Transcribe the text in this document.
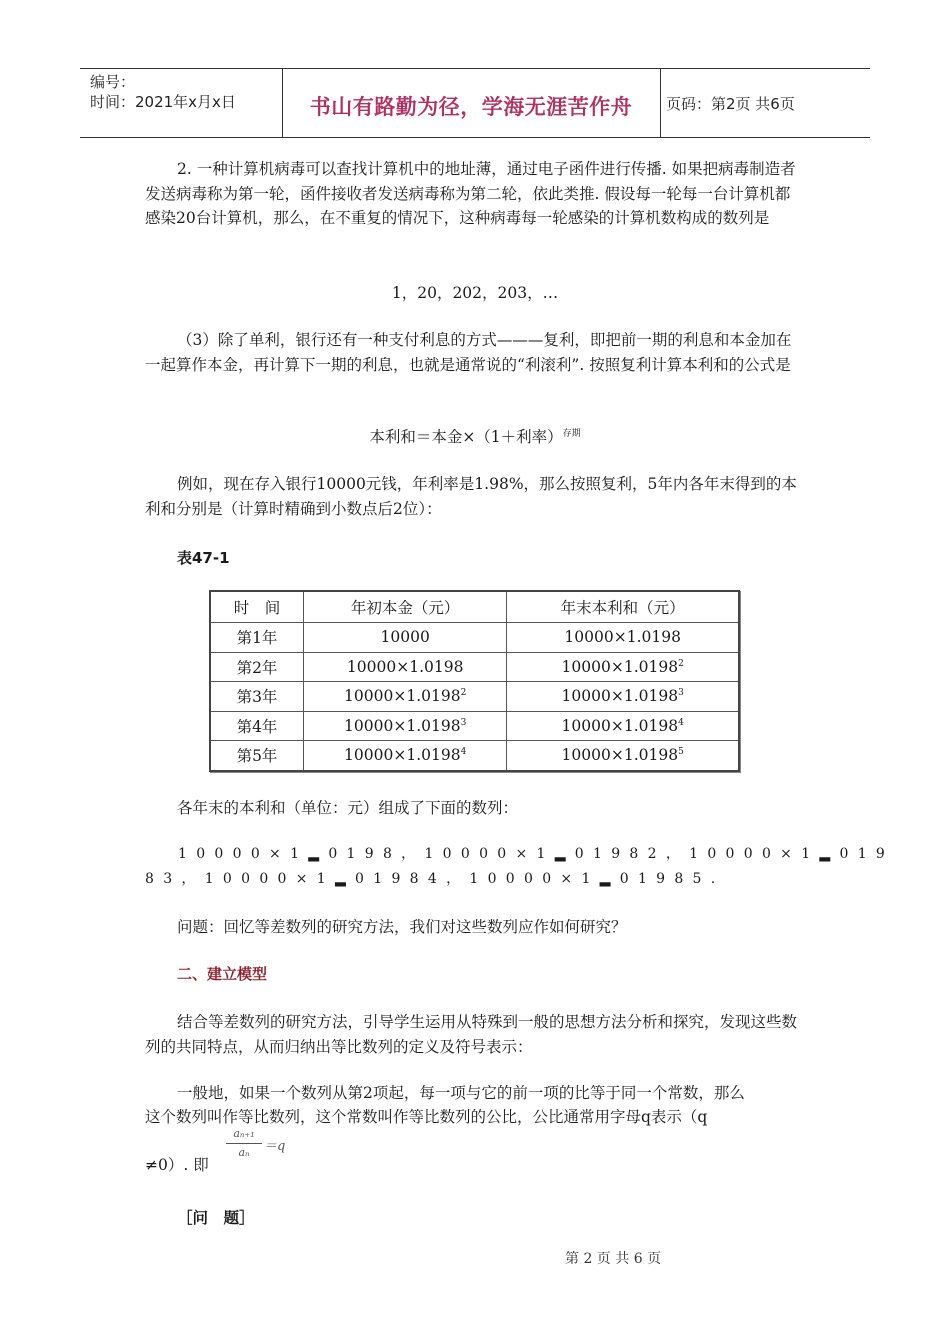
编号：
时间：2021年x月x日	书山有路勤为径，学海无涯苦作舟	页码：第2页 共6页
2. 一种计算机病毒可以查找计算机中的地址薄，通过电子函件进行传播. 如果把病毒制造者发送病毒称为第一轮，函件接收者发送病毒称为第二轮，依此类推. 假设每一轮每一台计算机都感染20台计算机，那么，在不重复的情况下，这种病毒每一轮感染的计算机数构成的数列是
1，20，202，203，…
（3）除了单利，银行还有一种支付利息的方式———复利，即把前一期的利息和本金加在一起算作本金，再计算下一期的利息，也就是通常说的“利滚利”. 按照复利计算本利和的公式是
本利和＝本金×（1＋利率）$^{存期}$
例如，现在存入银行10000元钱，年利率是1.98%，那么按照复利，5年内各年末得到的本利和分别是（计算时精确到小数点后2位）：
表47-1
时　间	年初本金（元）	年末本利和（元）
第1年	10000	10000×1.0198
第2年	10000×1.0198	$10000\times 1.0198^2$
第3年	$10000\times 1.0198^2$	$10000\times 1.0198^3$
第4年	$10000\times 1.0198^3$	$10000\times 1.0198^4$
第5年	$10000\times 1.0198^4$	$10000\times 1.0198^5$
各年末的本利和（单位：元）组成了下面的数列：
10000×1▂0198，10000×1▂01982，10000×1▂019
83，10000×1▂01984，10000×1▂01985.
问题：回忆等差数列的研究方法，我们对这些数列应作如何研究？
二、建立模型
结合等差数列的研究方法，引导学生运用从特殊到一般的思想方法分析和探究，发现这些数列的共同特点，从而归纳出等比数列的定义及符号表示：
一般地，如果一个数列从第2项起，每一项与它的前一项的比等于同一个常数，那么
这个数列叫作等比数列，这个常数叫作等比数列的公比，公比通常用字母q表示（q
≠0）. 即
aₙ₊₁
aₙ	＝q
［问　题］
第 2 页 共 6 页
